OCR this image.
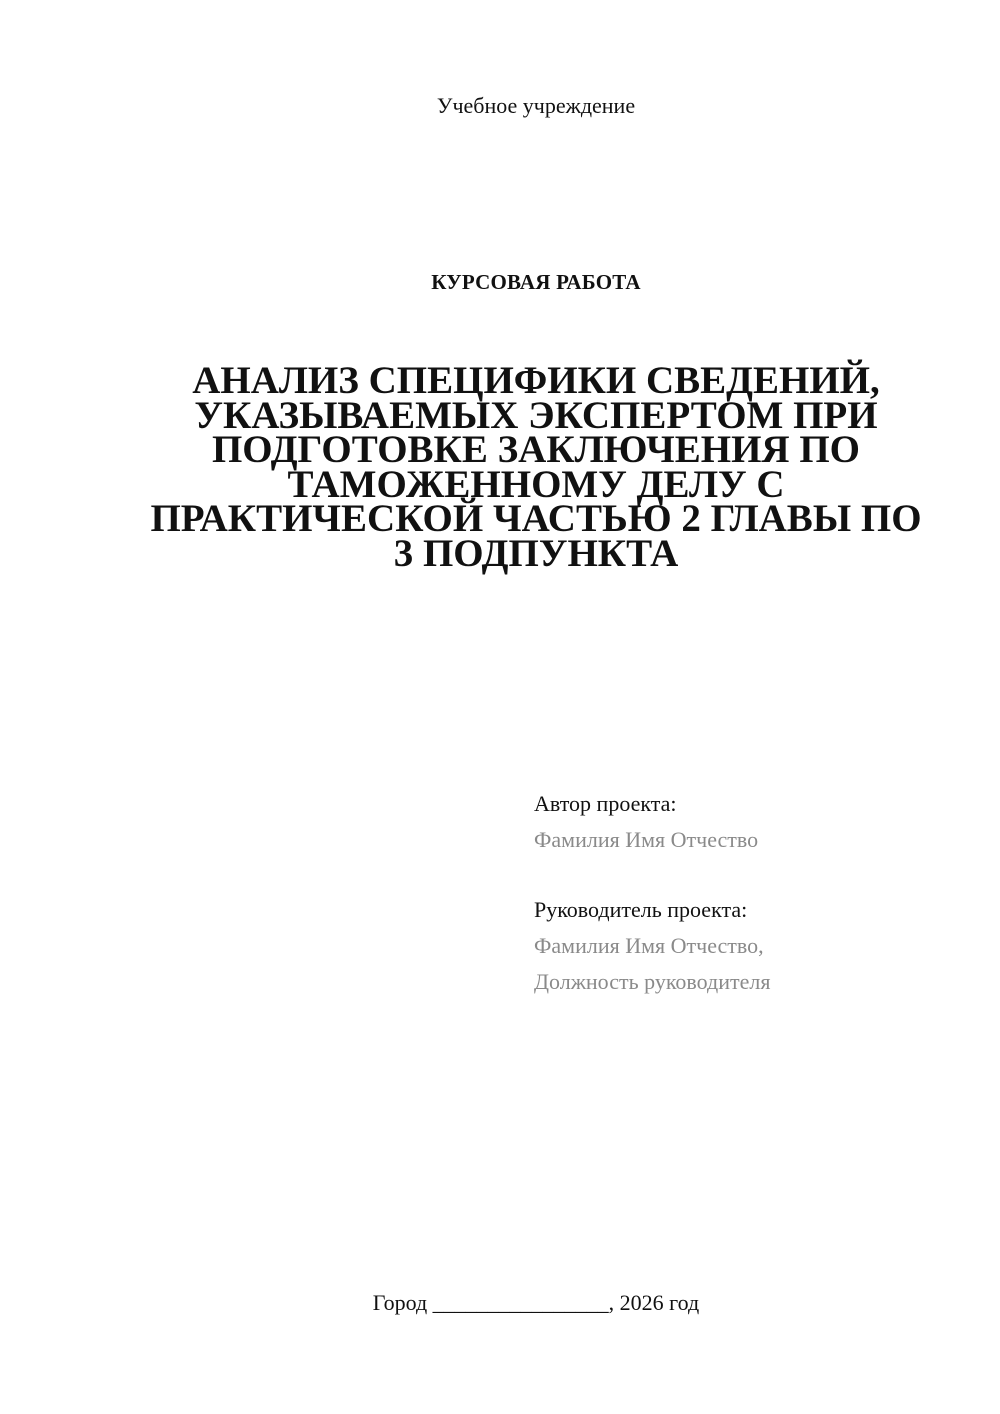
Учебное учреждение
КУРСОВАЯ РАБОТА
АНАЛИЗ СПЕЦИФИКИ СВЕДЕНИЙ,
УКАЗЫВАЕМЫХ ЭКСПЕРТОМ ПРИ
ПОДГОТОВКЕ ЗАКЛЮЧЕНИЯ ПО
ТАМОЖЕННОМУ ДЕЛУ С
ПРАКТИЧЕСКОЙ ЧАСТЬЮ 2 ГЛАВЫ ПО
3 ПОДПУНКТА
Автор проекта:
Фамилия Имя Отчество
Руководитель проекта:
Фамилия Имя Отчество,
Должность руководителя
Город ________________, 2026 год
